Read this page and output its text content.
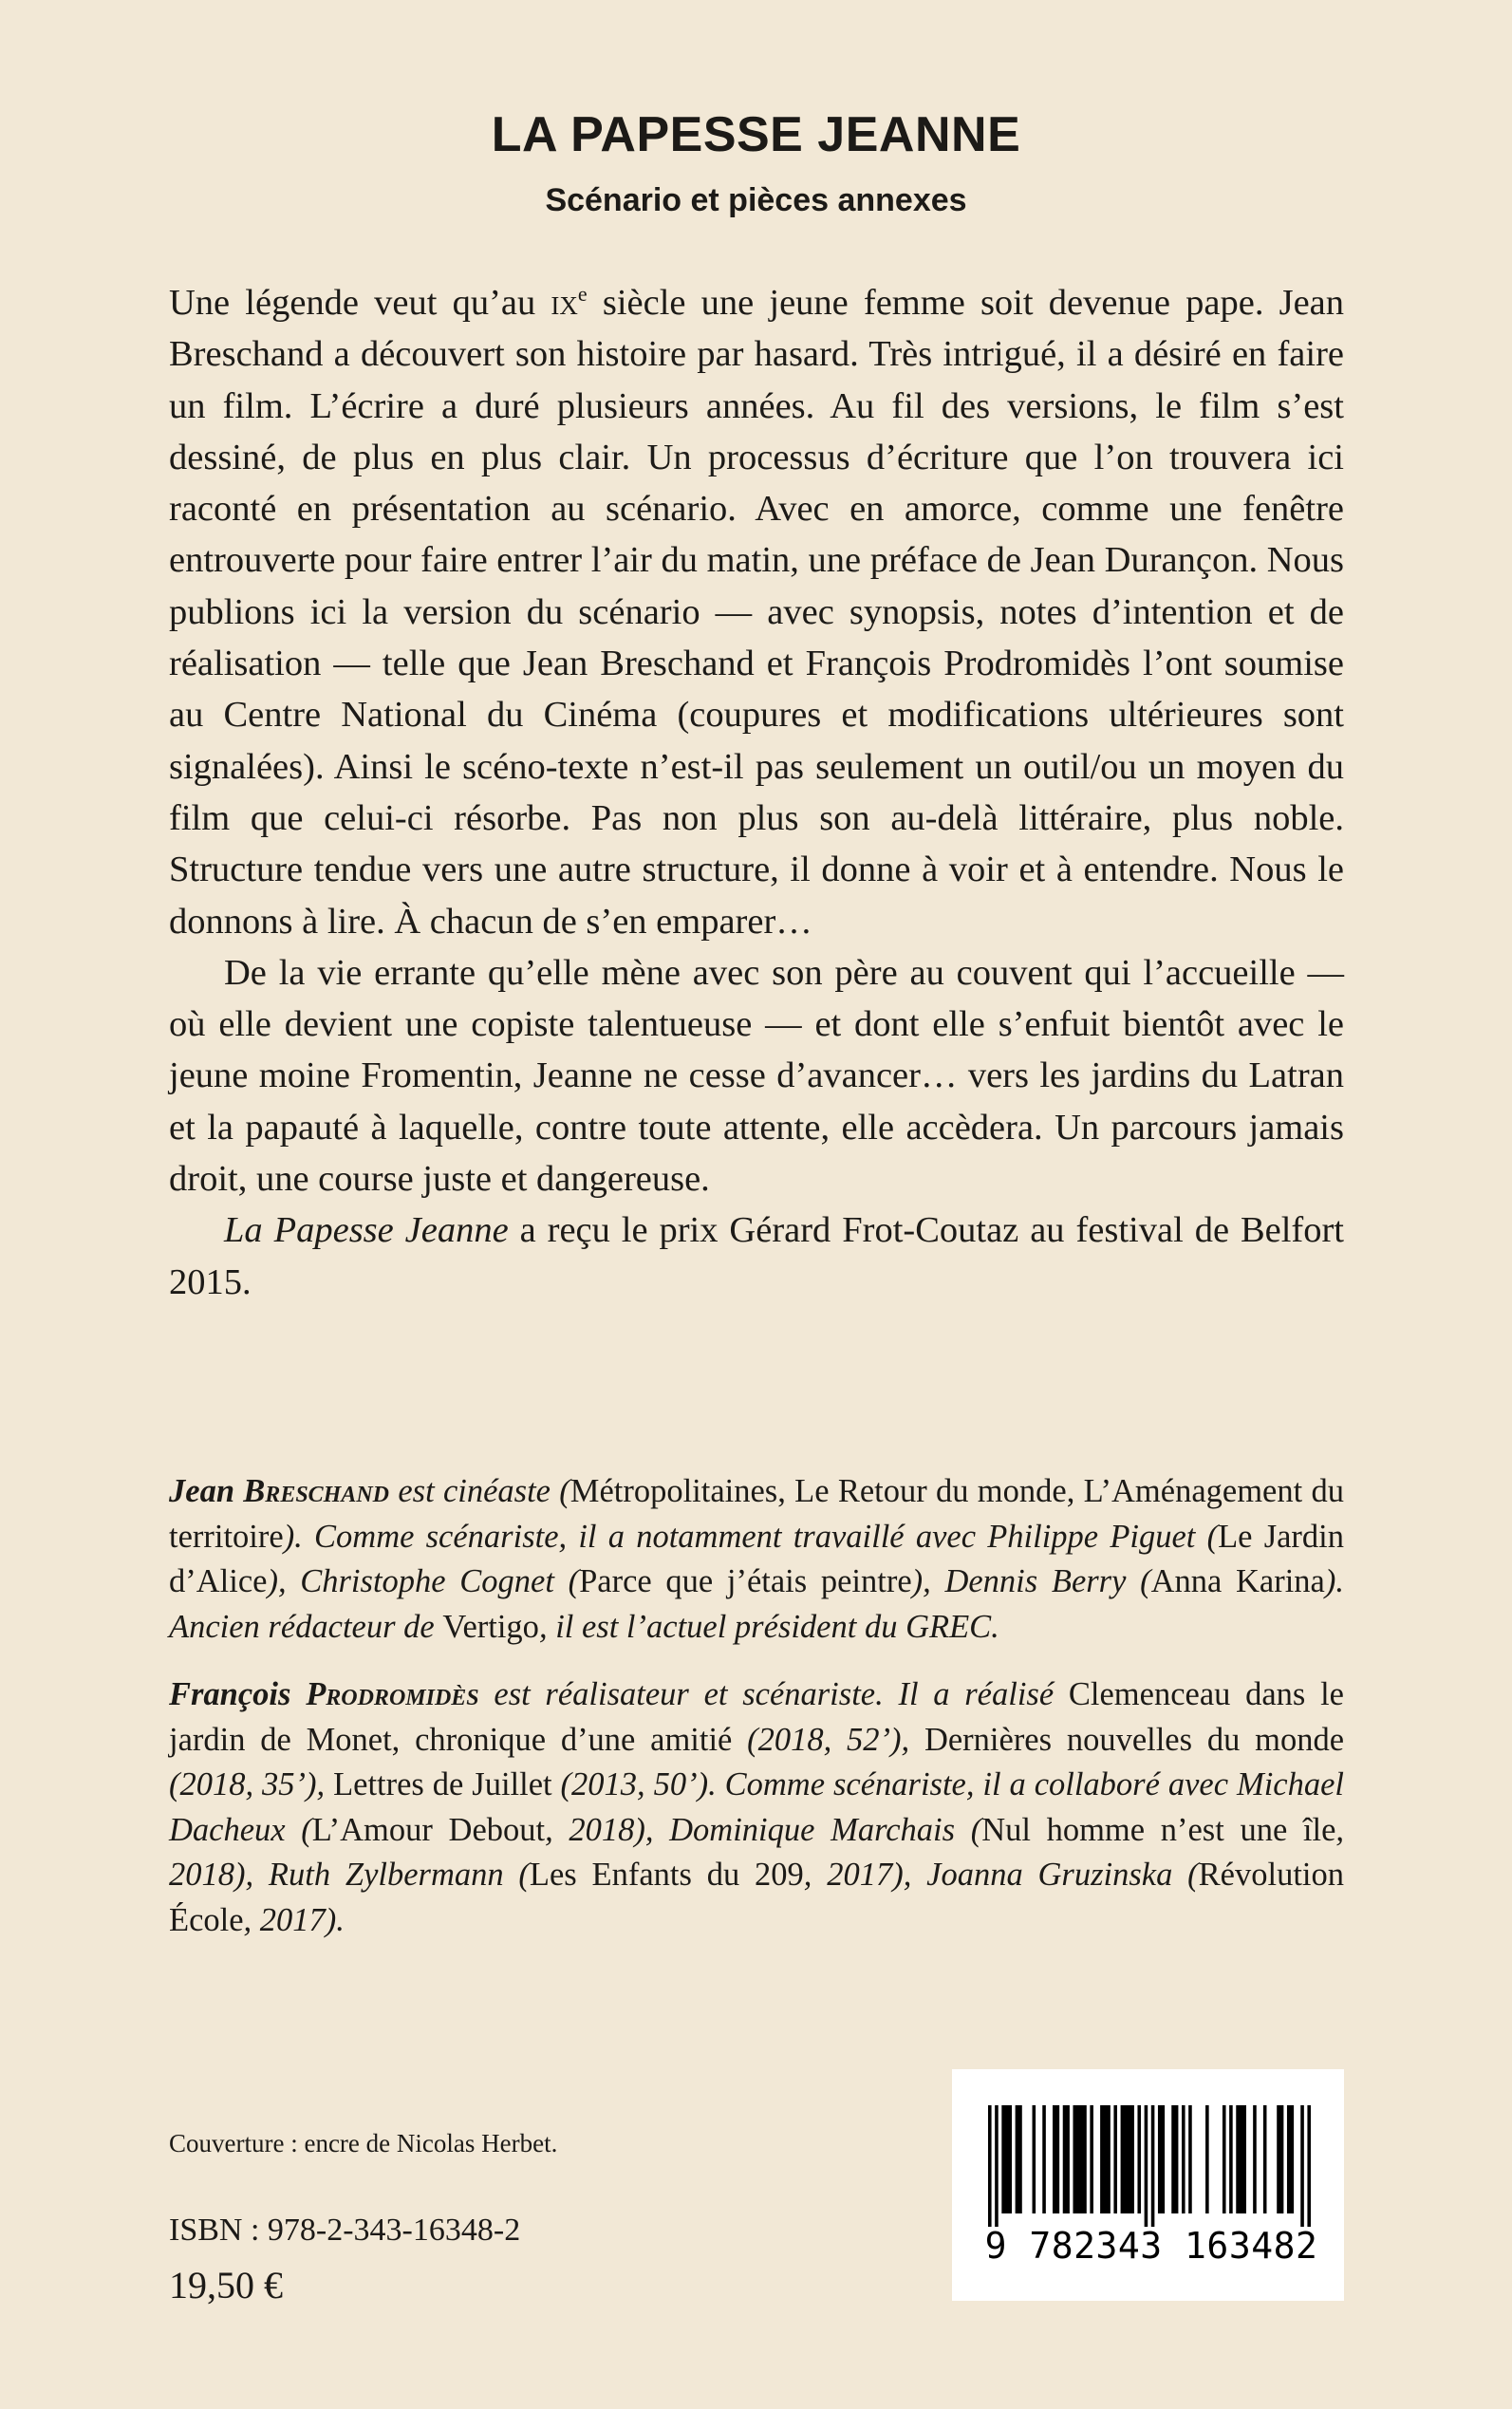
LA PAPESSE JEANNE
Scénario et pièces annexes

Une légende veut qu’au $ix^e$ siècle une jeune femme soit devenue pape. Jean Breschand a découvert son histoire par hasard. Très intrigué, il a désiré en faire un film. L’écrire a duré plusieurs années. Au fil des versions, le film s’est dessiné, de plus en plus clair. Un processus d’écriture que l’on trouvera ici raconté en présentation au scénario. Avec en amorce, comme une fenêtre entrouverte pour faire entrer l’air du matin, une préface de Jean Durançon. Nous publions ici la version du scénario — avec synopsis, notes d’intention et de réalisation — telle que Jean Breschand et François Prodromidès l’ont soumise au Centre National du Cinéma (coupures et modifications ultérieures sont signalées). Ainsi le scéno-texte n’est-il pas seulement un outil/ou un moyen du film que celui-ci résorbe. Pas non plus son au-delà littéraire, plus noble. Structure tendue vers une autre structure, il donne à voir et à entendre. Nous le donnons à lire. À chacun de s’en emparer…

De la vie errante qu’elle mène avec son père au couvent qui l’accueille — où elle devient une copiste talentueuse — et dont elle s’enfuit bientôt avec le jeune moine Fromentin, Jeanne ne cesse d’avancer… vers les jardins du Latran et la papauté à laquelle, contre toute attente, elle accèdera. Un parcours jamais droit, une course juste et dangereuse.

La Papesse Jeanne a reçu le prix Gérard Frot-Coutaz au festival de Belfort 2015.

Jean Breschand est cinéaste (Métropolitaines, Le Retour du monde, L’Aménagement du territoire). Comme scénariste, il a notamment travaillé avec Philippe Piguet (Le Jardin d’Alice), Christophe Cognet (Parce que j’étais peintre), Dennis Berry (Anna Karina). Ancien rédacteur de Vertigo, il est l’actuel président du GREC.

François Prodromidès est réalisateur et scénariste. Il a réalisé Clemenceau dans le jardin de Monet, chronique d’une amitié (2018, 52’), Dernières nouvelles du monde (2018, 35’), Lettres de Juillet (2013, 50’). Comme scénariste, il a collaboré avec Michael Dacheux (L’Amour Debout, 2018), Dominique Marchais (Nul homme n’est une île, 2018), Ruth Zylbermann (Les Enfants du 209, 2017), Joanna Gruzinska (Révolution École, 2017).

Couverture : encre de Nicolas Herbet.
ISBN : 978-2-343-16348-2
19,50 €
9 782343 163482
